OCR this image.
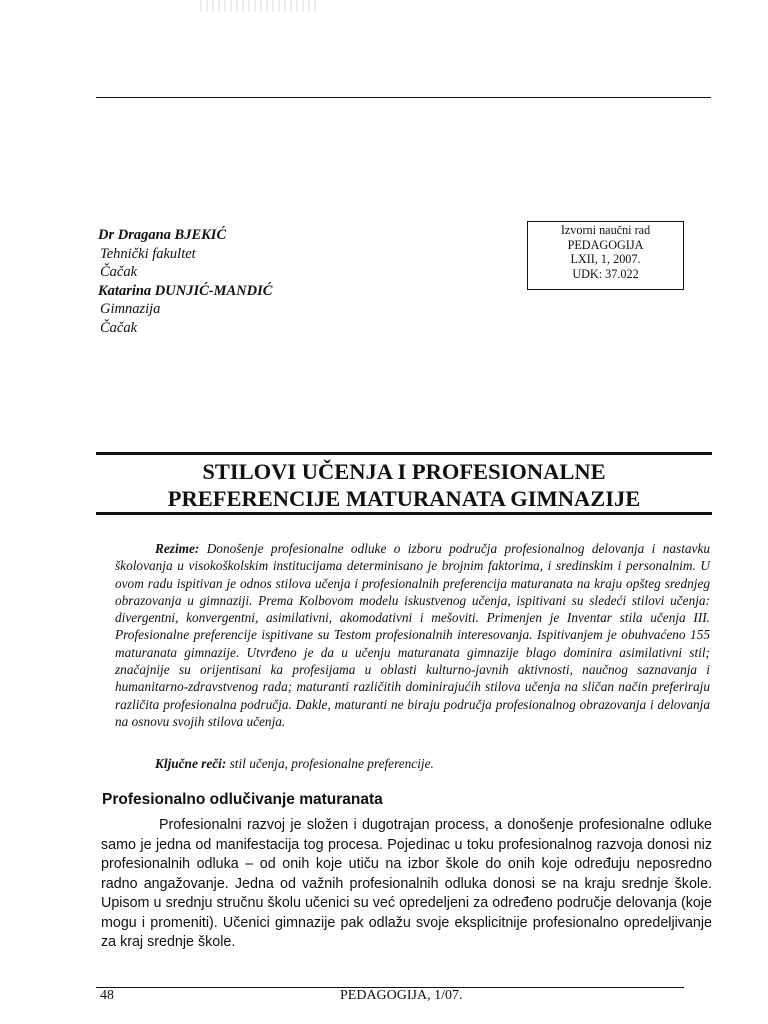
Dr Dragana BJEKIĆ
Tehnički fakultet
Čačak
Katarina DUNJIĆ-MANDIĆ
Gimnazija
Čačak
Izvorni naučni rad
PEDAGOGIJA
LXII, 1, 2007.
UDK: 37.022
STILOVI UČENJA I PROFESIONALNE
PREFERENCIJE MATURANATA GIMNAZIJE

Rezime: Donošenje profesionalne odluke o izboru područja profesionalnog delovanja i nastavku školovanja u visokoškolskim institucijama determinisano je brojnim faktorima, i sredinskim i personalnim. U ovom radu ispitivan je odnos stilova učenja i profesionalnih preferencija maturanata na kraju opšteg srednjeg obrazovanja u gimnaziji. Prema Kolbovom modelu iskustvenog učenja, ispitivani su sledeći stilovi učenja: divergentni, konvergentni, asimilativni, akomodativni i mešoviti. Primenjen je Inventar stila učenja III. Profesionalne preferencije ispitivane su Testom profesionalnih interesovanja. Ispitivanjem je obuhvaćeno 155 maturanata gimnazije. Utvrđeno je da u učenju maturanata gimnazije blago dominira asimilativni stil; značajnije su orijentisani ka profesijama u oblasti kulturno-javnih aktivnosti, naučnog saznavanja i humanitarno-zdravstvenog rada; maturanti različitih dominirajućih stilova učenja na sličan način preferiraju različita profesionalna područja. Dakle, maturanti ne biraju područja profesionalnog obrazovanja i delovanja na osnovu svojih stilova učenja.

Ključne reči: stil učenja, profesionalne preferencije.

Profesionalno odlučivanje maturanata

Profesionalni razvoj je složen i dugotrajan process, a donošenje profesionalne odluke samo je jedna od manifestacija tog procesa. Pojedinac u toku profesionalnog razvoja donosi niz profesionalnih odluka – od onih koje utiču na izbor škole do onih koje određuju neposredno radno angažovanje. Jedna od važnih profesionalnih odluka donosi se na kraju srednje škole. Upisom u srednju stručnu školu učenici su već opredeljeni za određeno područje delovanja (koje mogu i promeniti). Učenici gimnazije pak odlažu svoje eksplicitnije profesionalno opredeljivanje za kraj srednje škole.

48	PEDAGOGIJA, 1/07.
